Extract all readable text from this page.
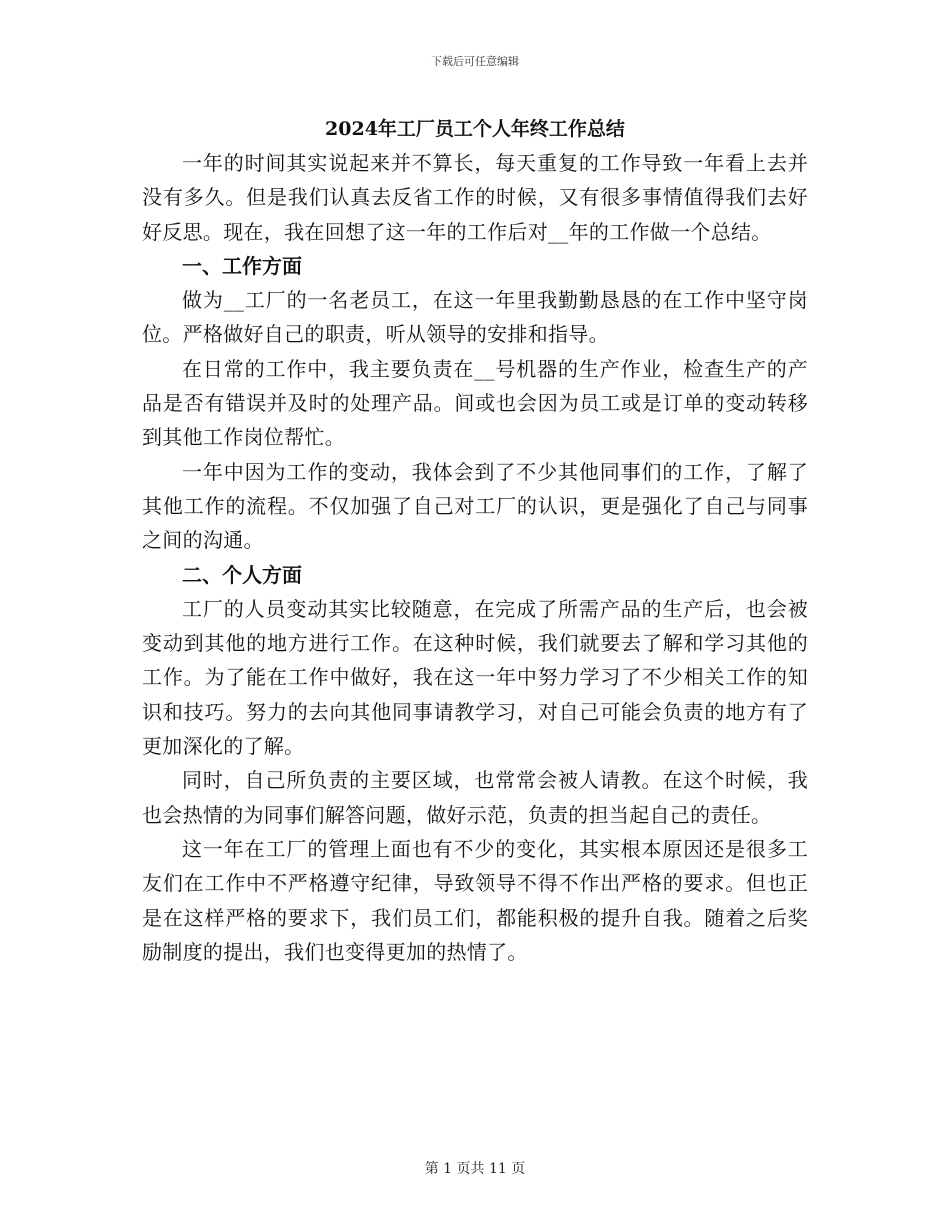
下载后可任意编辑
2024年工厂员工个人年终工作总结

一年的时间其实说起来并不算长，每天重复的工作导致一年看上去并没有多久。但是我们认真去反省工作的时候，又有很多事情值得我们去好好反思。现在，我在回想了这一年的工作后对__年的工作做一个总结。

一、工作方面

做为__工厂的一名老员工，在这一年里我勤勤恳恳的在工作中坚守岗位。严格做好自己的职责，听从领导的安排和指导。

在日常的工作中，我主要负责在__号机器的生产作业，检查生产的产品是否有错误并及时的处理产品。间或也会因为员工或是订单的变动转移到其他工作岗位帮忙。

一年中因为工作的变动，我体会到了不少其他同事们的工作，了解了其他工作的流程。不仅加强了自己对工厂的认识，更是强化了自己与同事之间的沟通。

二、个人方面

工厂的人员变动其实比较随意，在完成了所需产品的生产后，也会被变动到其他的地方进行工作。在这种时候，我们就要去了解和学习其他的工作。为了能在工作中做好，我在这一年中努力学习了不少相关工作的知识和技巧。努力的去向其他同事请教学习，对自己可能会负责的地方有了更加深化的了解。

同时，自己所负责的主要区域，也常常会被人请教。在这个时候，我也会热情的为同事们解答问题，做好示范，负责的担当起自己的责任。

这一年在工厂的管理上面也有不少的变化，其实根本原因还是很多工友们在工作中不严格遵守纪律，导致领导不得不作出严格的要求。但也正是在这样严格的要求下，我们员工们，都能积极的提升自我。随着之后奖励制度的提出，我们也变得更加的热情了。

第 1 页共 11 页
